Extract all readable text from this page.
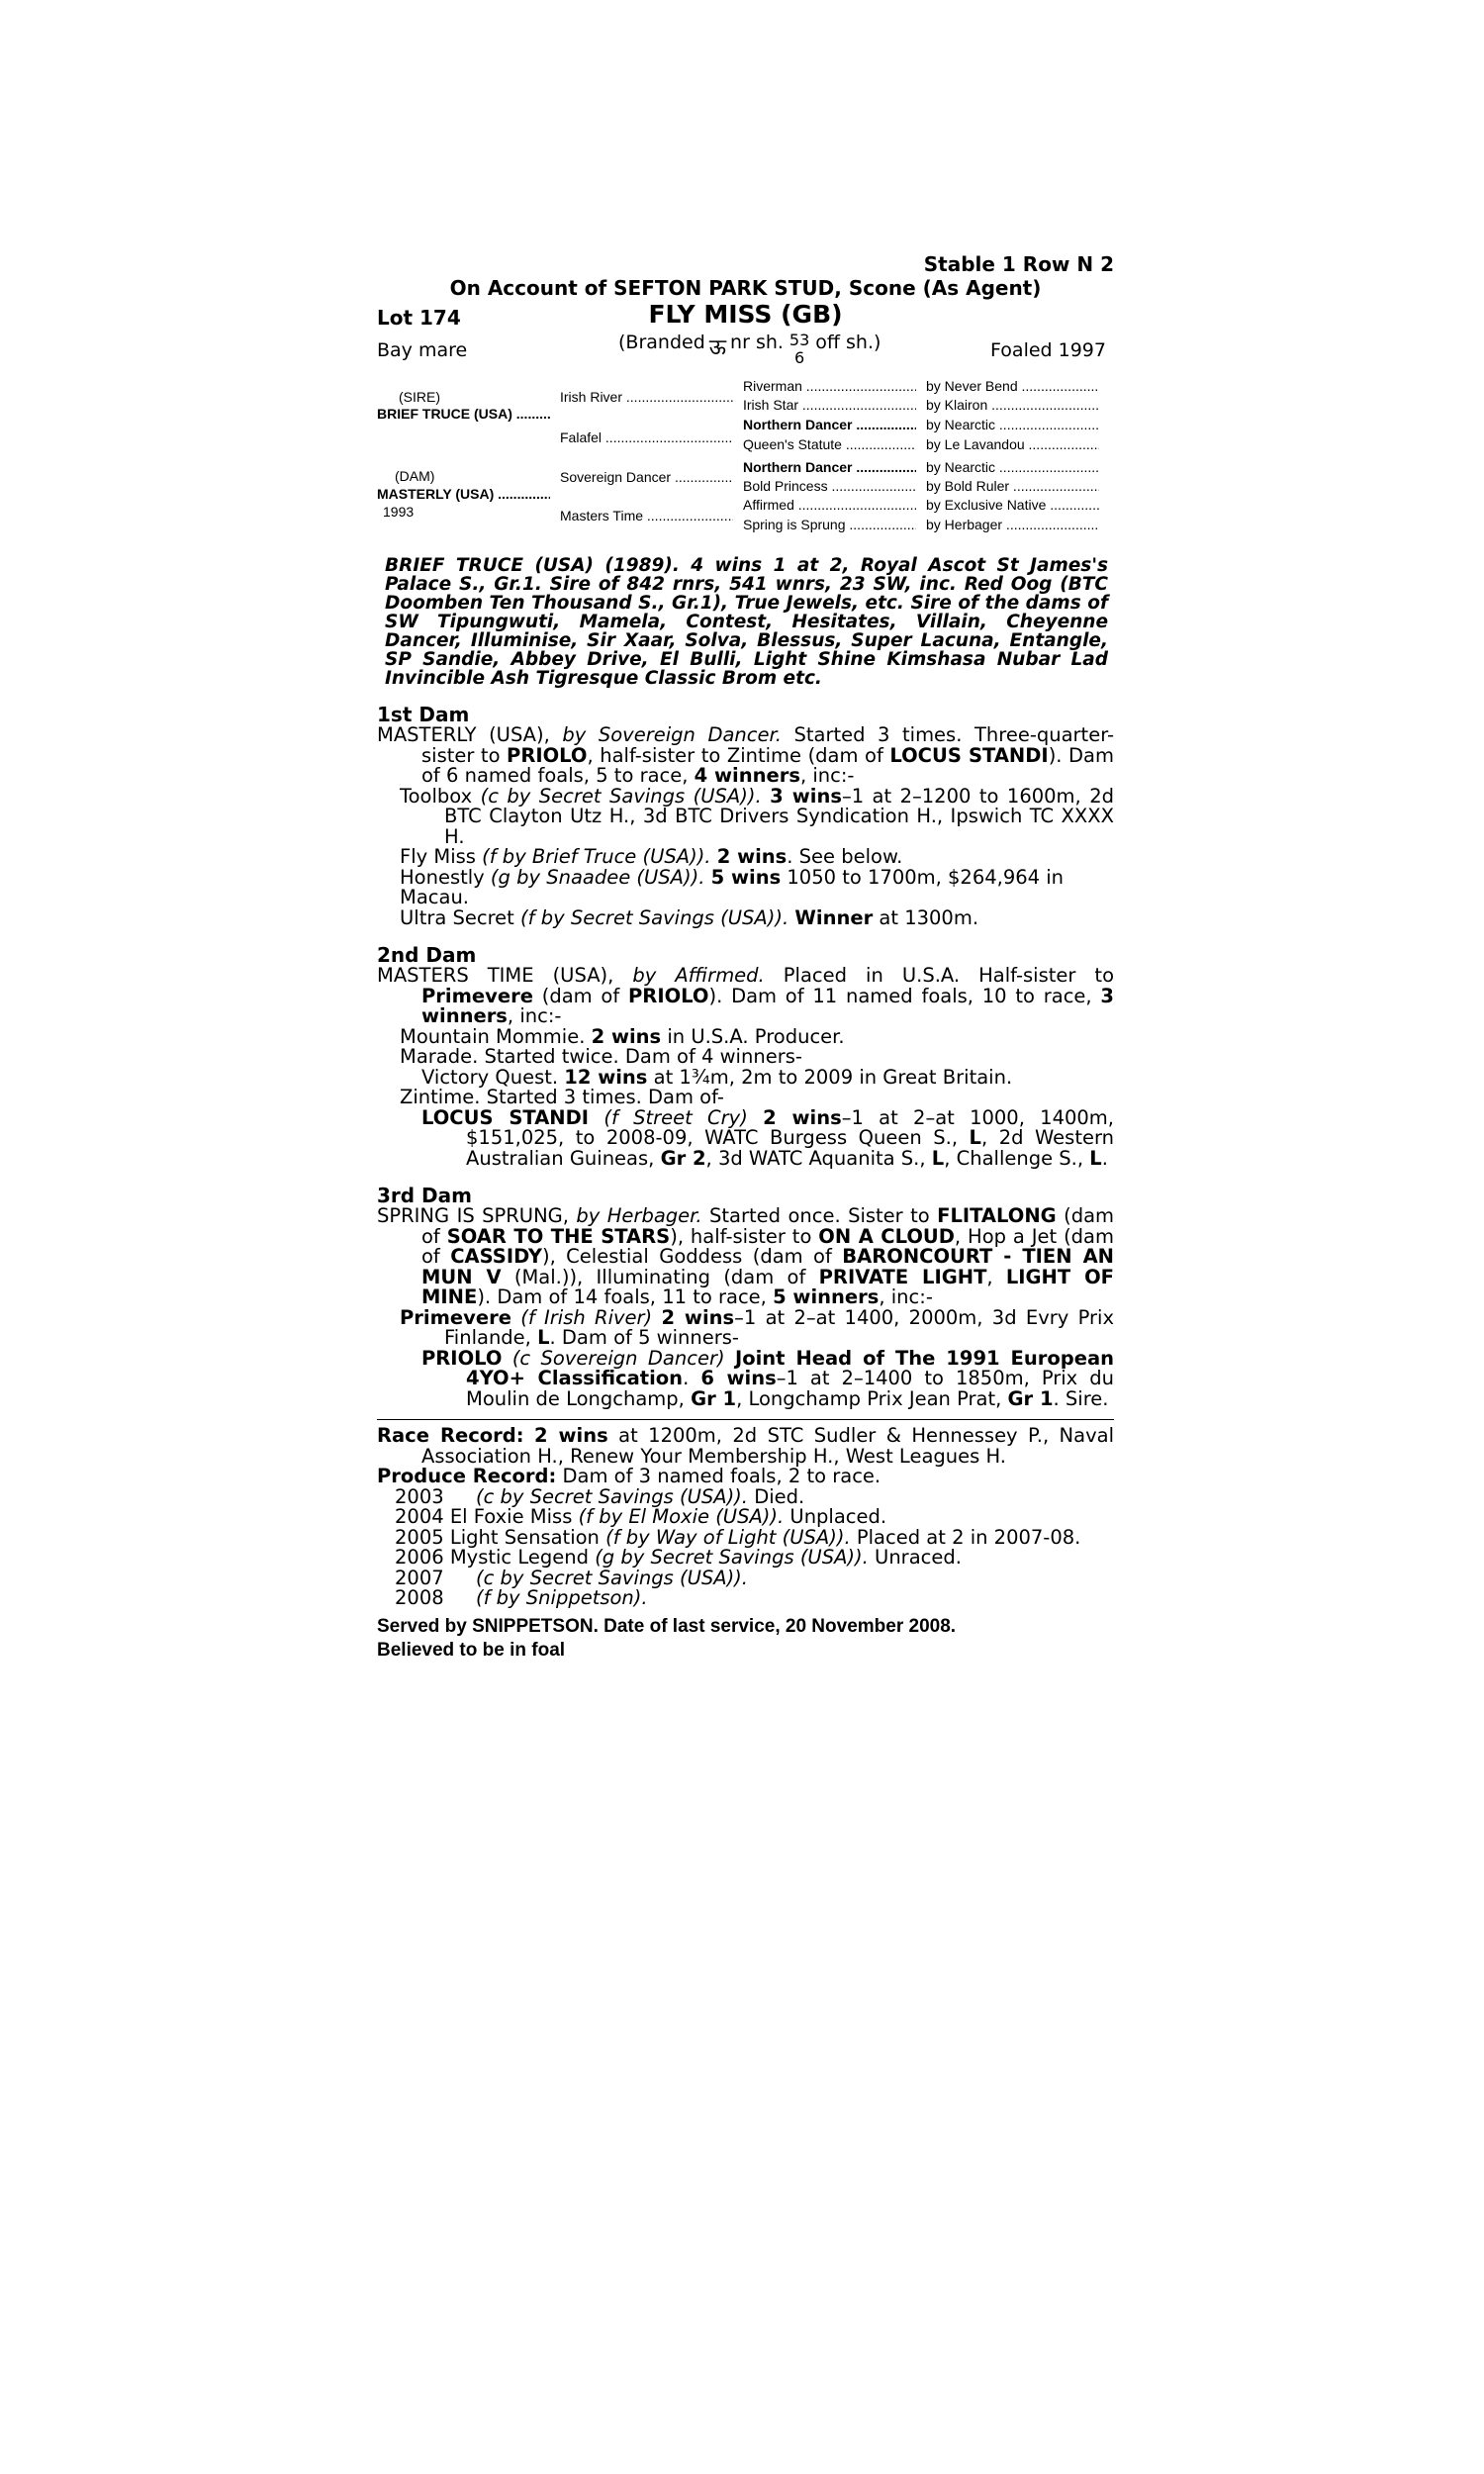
Stable 1 Row N 2
On Account of SEFTON PARK STUD, Scone (As Agent)
FLY MISS (GB)
Lot 174
Bay mare	(Branded ऊ nr sh. 53
6off sh.)	Foaled 1997
(SIRE)
BRIEF TRUCE (USA) .....
(DAM)
MASTERLY (USA) .....
1993
Irish River .....
Falafel .....
Sovereign Dancer .....
Masters Time .....
Riverman .....
Irish Star .....
Northern Dancer .....
Queen's Statute .....
Northern Dancer .....
Bold Princess .....
Affirmed .....
Spring is Sprung .....
by Never Bend .....
by Klairon .....
by Nearctic .....
by Le Lavandou .....
by Nearctic .....
by Bold Ruler .....
by Exclusive Native .....
by Herbager .....
BRIEF TRUCE (USA) (1989). 4 wins 1 at 2, Royal Ascot St James's Palace S., Gr.1. Sire of 842 rnrs, 541 wnrs, 23 SW, inc. Red Oog (BTC Doomben Ten Thousand S., Gr.1), True Jewels, etc. Sire of the dams of SW Tipungwuti, Mamela, Contest, Hesitates, Villain, Cheyenne Dancer, Illuminise, Sir Xaar, Solva, Blessus, Super Lacuna, Entangle, SP Sandie, Abbey Drive, El Bulli, Light Shine Kimshasa Nubar Lad Invincible Ash Tigresque Classic Brom etc.
1st Dam
MASTERLY (USA), by Sovereign Dancer. Started 3 times. Three-quarter-sister to PRIOLO, half-sister to Zintime (dam of LOCUS STANDI). Dam of 6 named foals, 5 to race, 4 winners, inc:-
Toolbox (c by Secret Savings (USA)). 3 wins–1 at 2–1200 to 1600m, 2d BTC Clayton Utz H., 3d BTC Drivers Syndication H., Ipswich TC XXXX H.
Fly Miss (f by Brief Truce (USA)). 2 wins. See below.
Honestly (g by Snaadee (USA)). 5 wins 1050 to 1700m, $264,964 in Macau.
Ultra Secret (f by Secret Savings (USA)). Winner at 1300m.
2nd Dam
MASTERS TIME (USA), by Affirmed. Placed in U.S.A. Half-sister to Primevere (dam of PRIOLO). Dam of 11 named foals, 10 to race, 3 winners, inc:-
Mountain Mommie. 2 wins in U.S.A. Producer.
Marade. Started twice. Dam of 4 winners-
Victory Quest. 12 wins at 1¾m, 2m to 2009 in Great Britain.
Zintime. Started 3 times. Dam of-
LOCUS STANDI (f Street Cry) 2 wins–1 at 2–at 1000, 1400m, $151,025, to 2008-09, WATC Burgess Queen S., L, 2d Western Australian Guineas, Gr 2, 3d WATC Aquanita S., L, Challenge S., L.
3rd Dam
SPRING IS SPRUNG, by Herbager. Started once. Sister to FLITALONG (dam of SOAR TO THE STARS), half-sister to ON A CLOUD, Hop a Jet (dam of CASSIDY), Celestial Goddess (dam of BARONCOURT - TIEN AN MUN V (Mal.)), Illuminating (dam of PRIVATE LIGHT, LIGHT OF MINE). Dam of 14 foals, 11 to race, 5 winners, inc:-
Primevere (f Irish River) 2 wins–1 at 2–at 1400, 2000m, 3d Evry Prix Finlande, L. Dam of 5 winners-
PRIOLO (c Sovereign Dancer) Joint Head of The 1991 European 4YO+ Classification. 6 wins–1 at 2–1400 to 1850m, Prix du Moulin de Longchamp, Gr 1, Longchamp Prix Jean Prat, Gr 1. Sire.
Race Record: 2 wins at 1200m, 2d STC Sudler & Hennessey P., Naval Association H., Renew Your Membership H., West Leagues H.
Produce Record: Dam of 3 named foals, 2 to race.
2003 (c by Secret Savings (USA)). Died.
2004 El Foxie Miss (f by El Moxie (USA)). Unplaced.
2005 Light Sensation (f by Way of Light (USA)). Placed at 2 in 2007-08.
2006 Mystic Legend (g by Secret Savings (USA)). Unraced.
2007 (c by Secret Savings (USA)).
2008 (f by Snippetson).
Served by SNIPPETSON. Date of last service, 20 November 2008.
Believed to be in foal
